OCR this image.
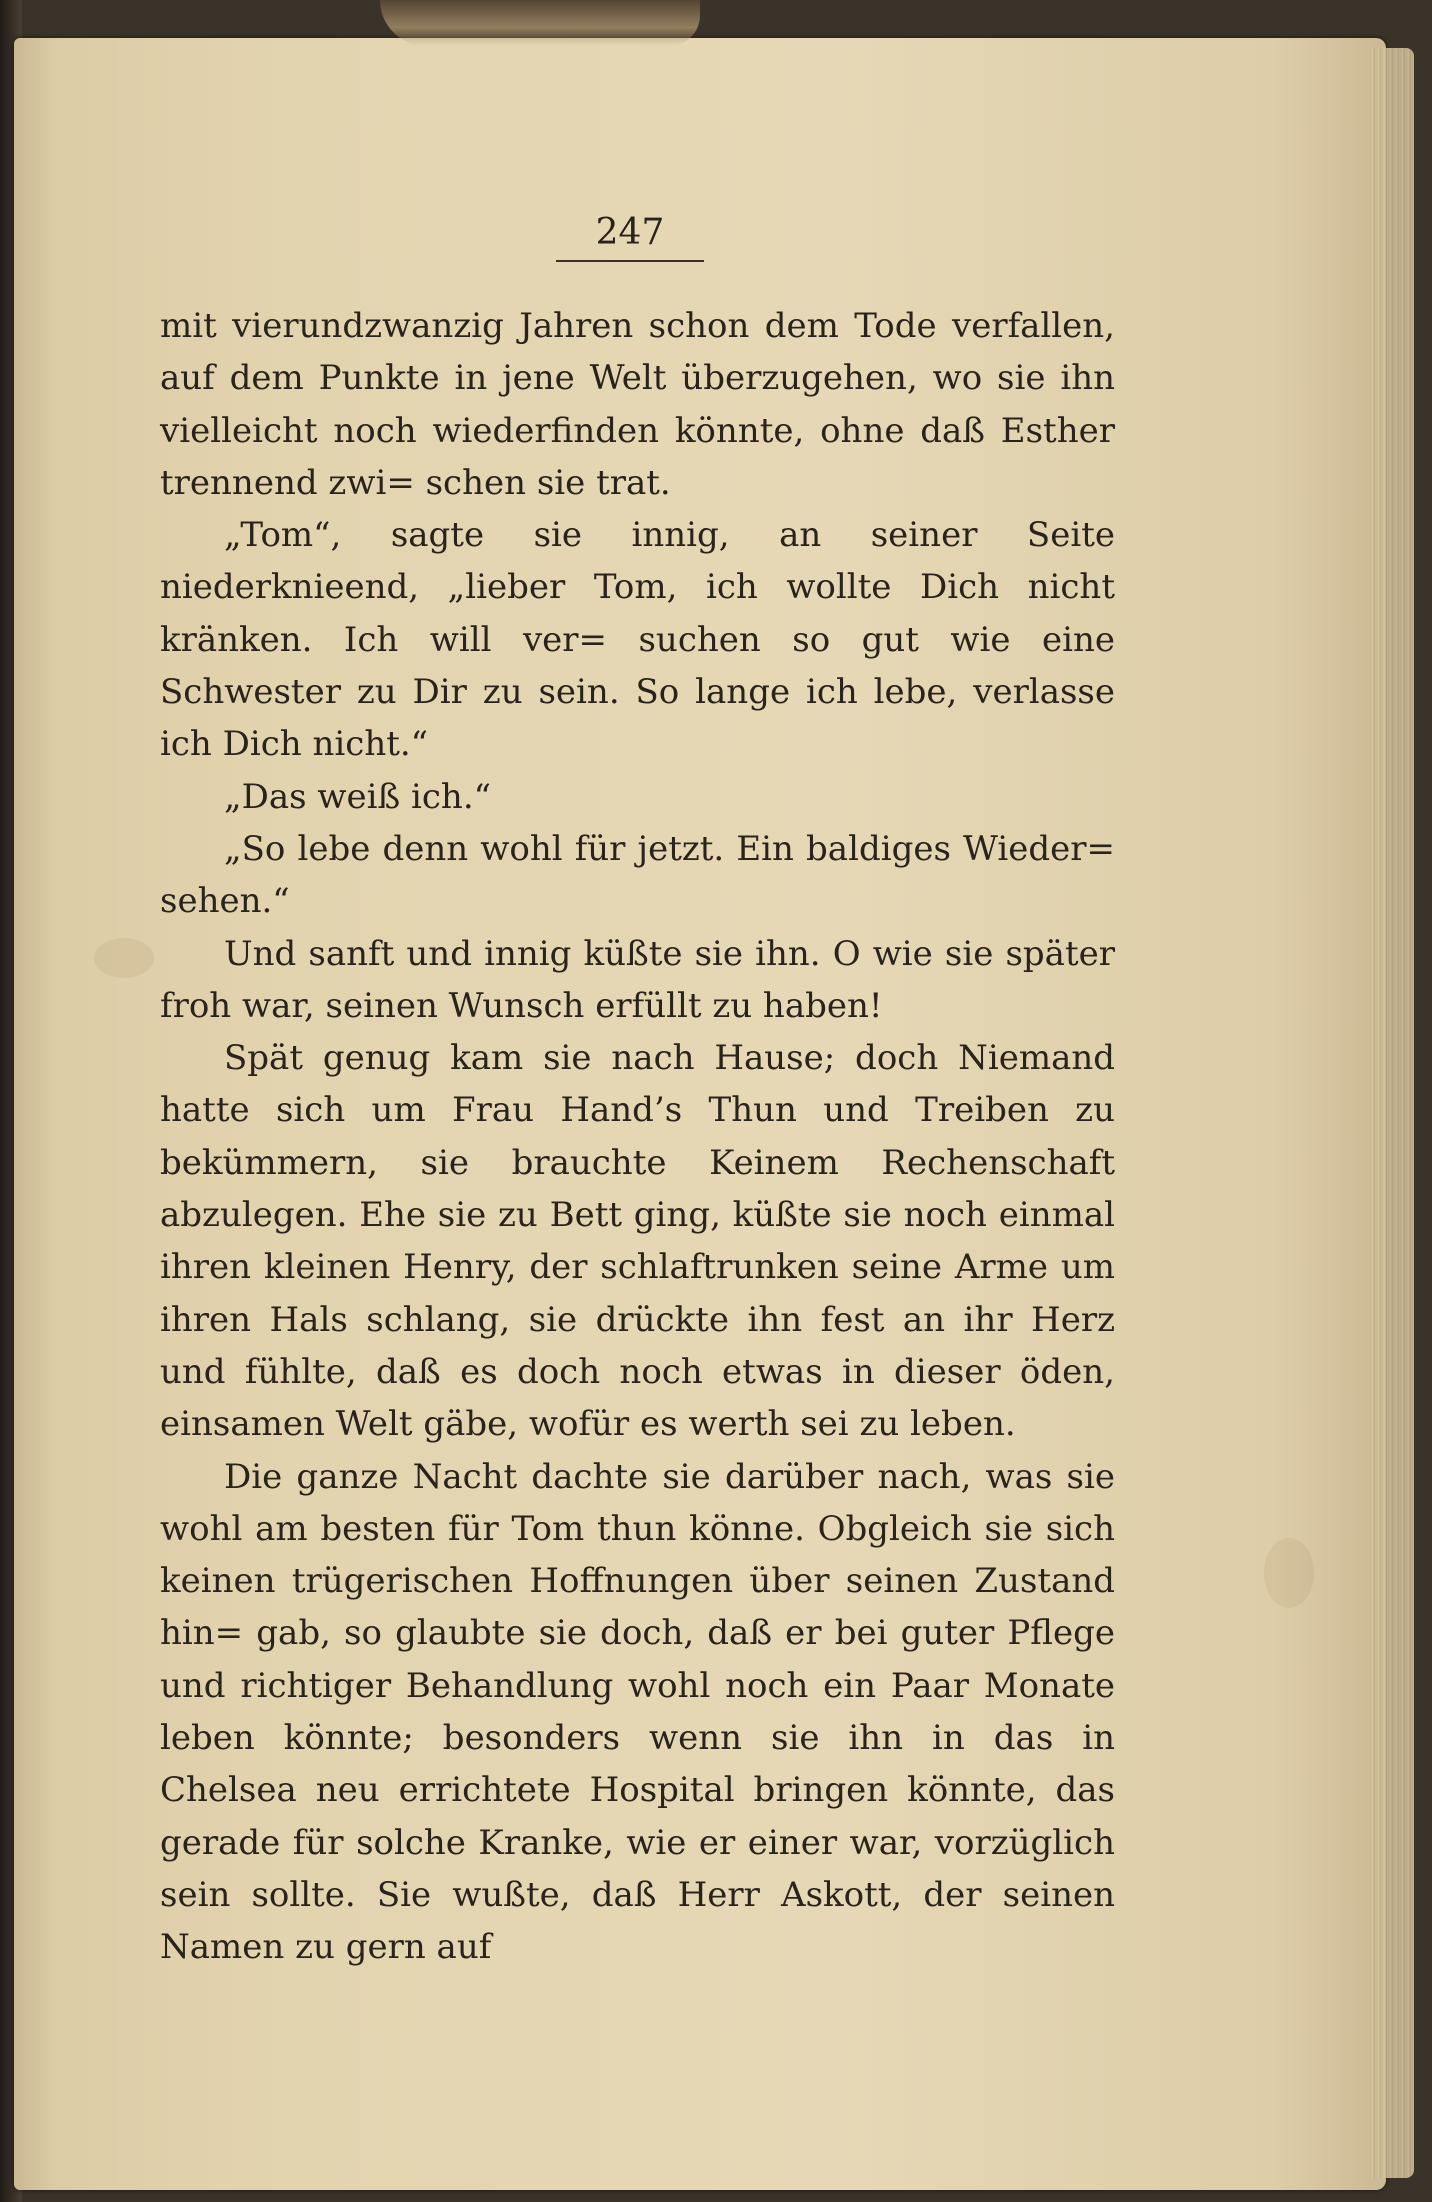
247

mit vierundzwanzig Jahren schon dem Tode verfallen, auf dem Punkte in jene Welt überzugehen, wo sie ihn vielleicht noch wiederfinden könnte, ohne daß Esther trennend zwi= schen sie trat.

„Tom“, sagte sie innig, an seiner Seite niederknieend, „lieber Tom, ich wollte Dich nicht kränken. Ich will ver= suchen so gut wie eine Schwester zu Dir zu sein. So lange ich lebe, verlasse ich Dich nicht.“

„Das weiß ich.“

„So lebe denn wohl für jetzt. Ein baldiges Wieder= sehen.“

Und sanft und innig küßte sie ihn. O wie sie später froh war, seinen Wunsch erfüllt zu haben!

Spät genug kam sie nach Hause; doch Niemand hatte sich um Frau Hand’s Thun und Treiben zu bekümmern, sie brauchte Keinem Rechenschaft abzulegen. Ehe sie zu Bett ging, küßte sie noch einmal ihren kleinen Henry, der schlaftrunken seine Arme um ihren Hals schlang, sie drückte ihn fest an ihr Herz und fühlte, daß es doch noch etwas in dieser öden, einsamen Welt gäbe, wofür es werth sei zu leben.

Die ganze Nacht dachte sie darüber nach, was sie wohl am besten für Tom thun könne. Obgleich sie sich keinen trügerischen Hoffnungen über seinen Zustand hin= gab, so glaubte sie doch, daß er bei guter Pflege und richtiger Behandlung wohl noch ein Paar Monate leben könnte; besonders wenn sie ihn in das in Chelsea neu errichtete Hospital bringen könnte, das gerade für solche Kranke, wie er einer war, vorzüglich sein sollte. Sie wußte, daß Herr Askott, der seinen Namen zu gern auf
